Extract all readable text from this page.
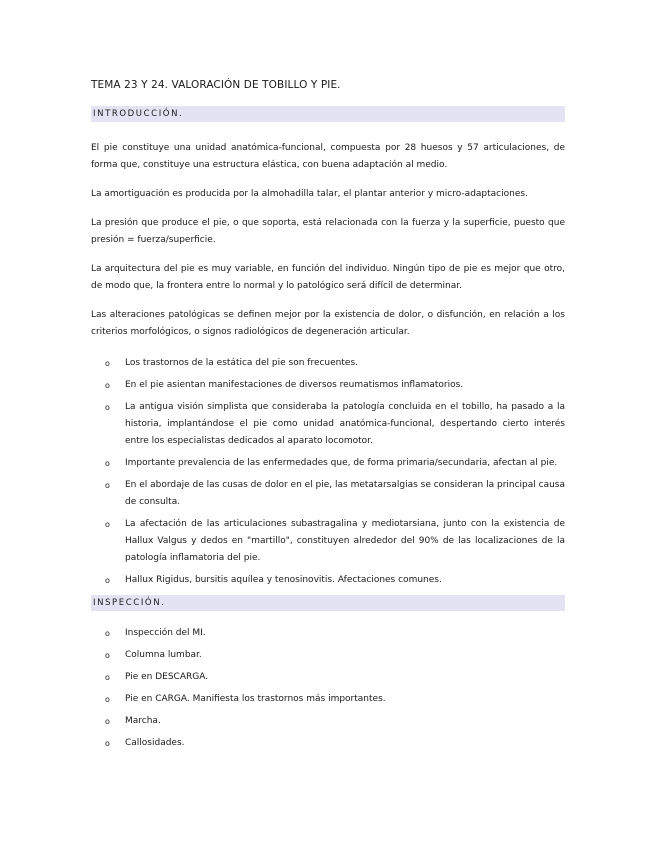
TEMA 23 Y 24. VALORACIÓN DE TOBILLO Y PIE.
INTRODUCCIÓN.

El pie constituye una unidad anatómica-funcional, compuesta por 28 huesos y 57 articulaciones, de forma que, constituye una estructura elástica, con buena adaptación al medio.

La amortiguación es producida por la almohadilla talar, el plantar anterior y micro-adaptaciones.

La presión que produce el pie, o que soporta, está relacionada con la fuerza y la superficie, puesto que presión = fuerza/superficie.

La arquitectura del pie es muy variable, en función del individuo. Ningún tipo de pie es mejor que otro, de modo que, la frontera entre lo normal y lo patológico será difícil de determinar.

Las alteraciones patológicas se definen mejor por la existencia de dolor, o disfunción, en relación a los criterios morfológicos, o signos radiológicos de degeneración articular.

o Los trastornos de la estática del pie son frecuentes.
o En el pie asientan manifestaciones de diversos reumatismos inflamatorios.
o La antigua visión simplista que consideraba la patología concluida en el tobillo, ha pasado a la historia, implantándose el pie como unidad anatómica-funcional, despertando cierto interés entre los especialistas dedicados al aparato locomotor.
o Importante prevalencia de las enfermedades que, de forma primaria/secundaria, afectan al pie.
o En el abordaje de las cusas de dolor en el pie, las metatarsalgias se consideran la principal causa de consulta.
o La afectación de las articulaciones subastragalina y mediotarsiana, junto con la existencia de Hallux Valgus y dedos en "martillo", constituyen alrededor del 90% de las localizaciones de la patología inflamatoria del pie.
o Hallux Rigidus, bursitis aquílea y tenosinovitis. Afectaciones comunes.
INSPECCIÓN.
o Inspección del MI.
o Columna lumbar.
o Pie en DESCARGA.
o Pie en CARGA. Manifiesta los trastornos más importantes.
o Marcha.
o Callosidades.
